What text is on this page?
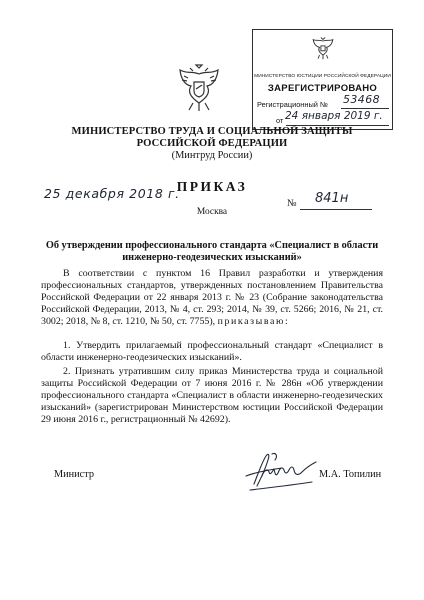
МИНИСТЕРСТВО ЮСТИЦИИ РОССИЙСКОЙ ФЕДЕРАЦИИ
ЗАРЕГИСТРИРОВАНО
Регистрационный № 53468
от 24 января 2019 г.
МИНИСТЕРСТВО ТРУДА И СОЦИАЛЬНОЙ ЗАЩИТЫ РОССИЙСКОЙ ФЕДЕРАЦИИ
(Минтруд России)
ПРИКАЗ
25 декабря 2018 г.
Москва
№ 841н
Об утверждении профессионального стандарта «Специалист в области инженерно-геодезических изысканий»

В соответствии с пунктом 16 Правил разработки и утверждения профессиональных стандартов, утвержденных постановлением Правительства Российской Федерации от 22 января 2013 г. № 23 (Собрание законодательства Российской Федерации, 2013, № 4, ст. 293; 2014, № 39, ст. 5266; 2016, № 21, ст. 3002; 2018, № 8, ст. 1210, № 50, ст. 7755), приказываю:

1. Утвердить прилагаемый профессиональный стандарт «Специалист в области инженерно-геодезических изысканий».

2. Признать утратившим силу приказ Министерства труда и социальной защиты Российской Федерации от 7 июня 2016 г. № 286н «Об утверждении профессионального стандарта «Специалист в области инженерно-геодезических изысканий» (зарегистрирован Министерством юстиции Российской Федерации 29 июня 2016 г., регистрационный № 42692).

Министр	М.А. Топилин
